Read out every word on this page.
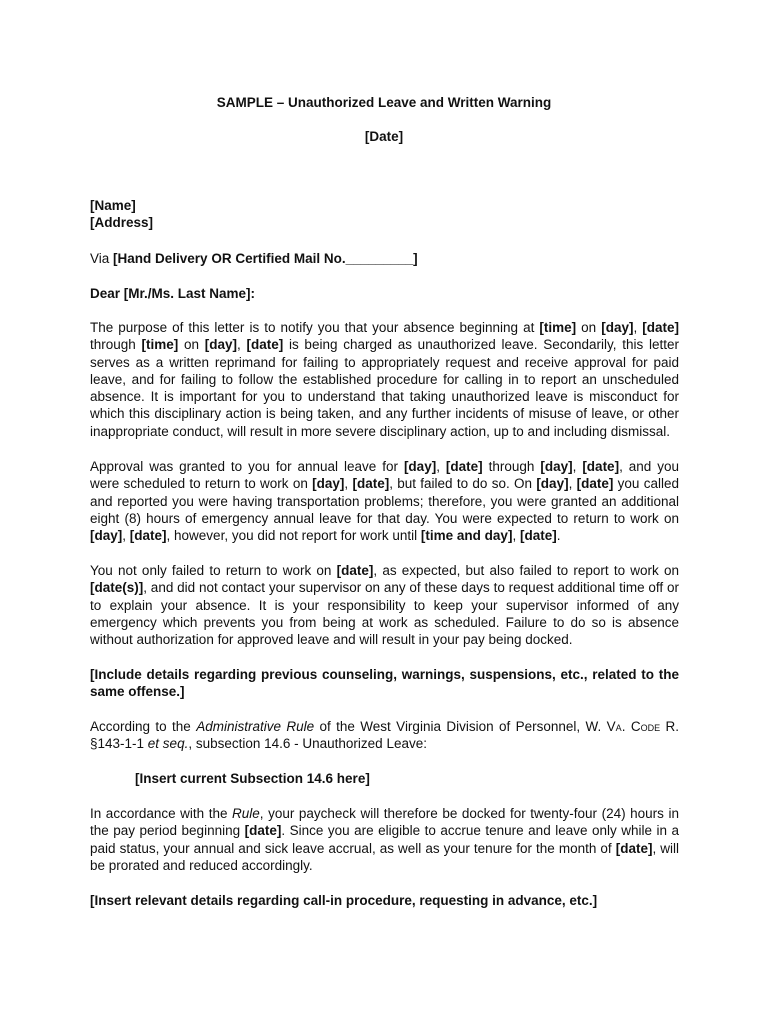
SAMPLE – Unauthorized Leave and Written Warning
[Date]
[Name]
[Address]
Via [Hand Delivery OR Certified Mail No._________]
Dear [Mr./Ms. Last Name]:
The purpose of this letter is to notify you that your absence beginning at [time] on [day], [date] through [time] on [day], [date] is being charged as unauthorized leave. Secondarily, this letter serves as a written reprimand for failing to appropriately request and receive approval for paid leave, and for failing to follow the established procedure for calling in to report an unscheduled absence. It is important for you to understand that taking unauthorized leave is misconduct for which this disciplinary action is being taken, and any further incidents of misuse of leave, or other inappropriate conduct, will result in more severe disciplinary action, up to and including dismissal.
Approval was granted to you for annual leave for [day], [date] through [day], [date], and you were scheduled to return to work on [day], [date], but failed to do so. On [day], [date] you called and reported you were having transportation problems; therefore, you were granted an additional eight (8) hours of emergency annual leave for that day. You were expected to return to work on [day], [date], however, you did not report for work until [time and day], [date].
You not only failed to return to work on [date], as expected, but also failed to report to work on [date(s)], and did not contact your supervisor on any of these days to request additional time off or to explain your absence. It is your responsibility to keep your supervisor informed of any emergency which prevents you from being at work as scheduled. Failure to do so is absence without authorization for approved leave and will result in your pay being docked.
[Include details regarding previous counseling, warnings, suspensions, etc., related to the same offense.]
According to the Administrative Rule of the West Virginia Division of Personnel, W. Va. Code R. §143-1-1 et seq., subsection 14.6 - Unauthorized Leave:
[Insert current Subsection 14.6 here]
In accordance with the Rule, your paycheck will therefore be docked for twenty-four (24) hours in the pay period beginning [date]. Since you are eligible to accrue tenure and leave only while in a paid status, your annual and sick leave accrual, as well as your tenure for the month of [date], will be prorated and reduced accordingly.
[Insert relevant details regarding call-in procedure, requesting in advance, etc.]
